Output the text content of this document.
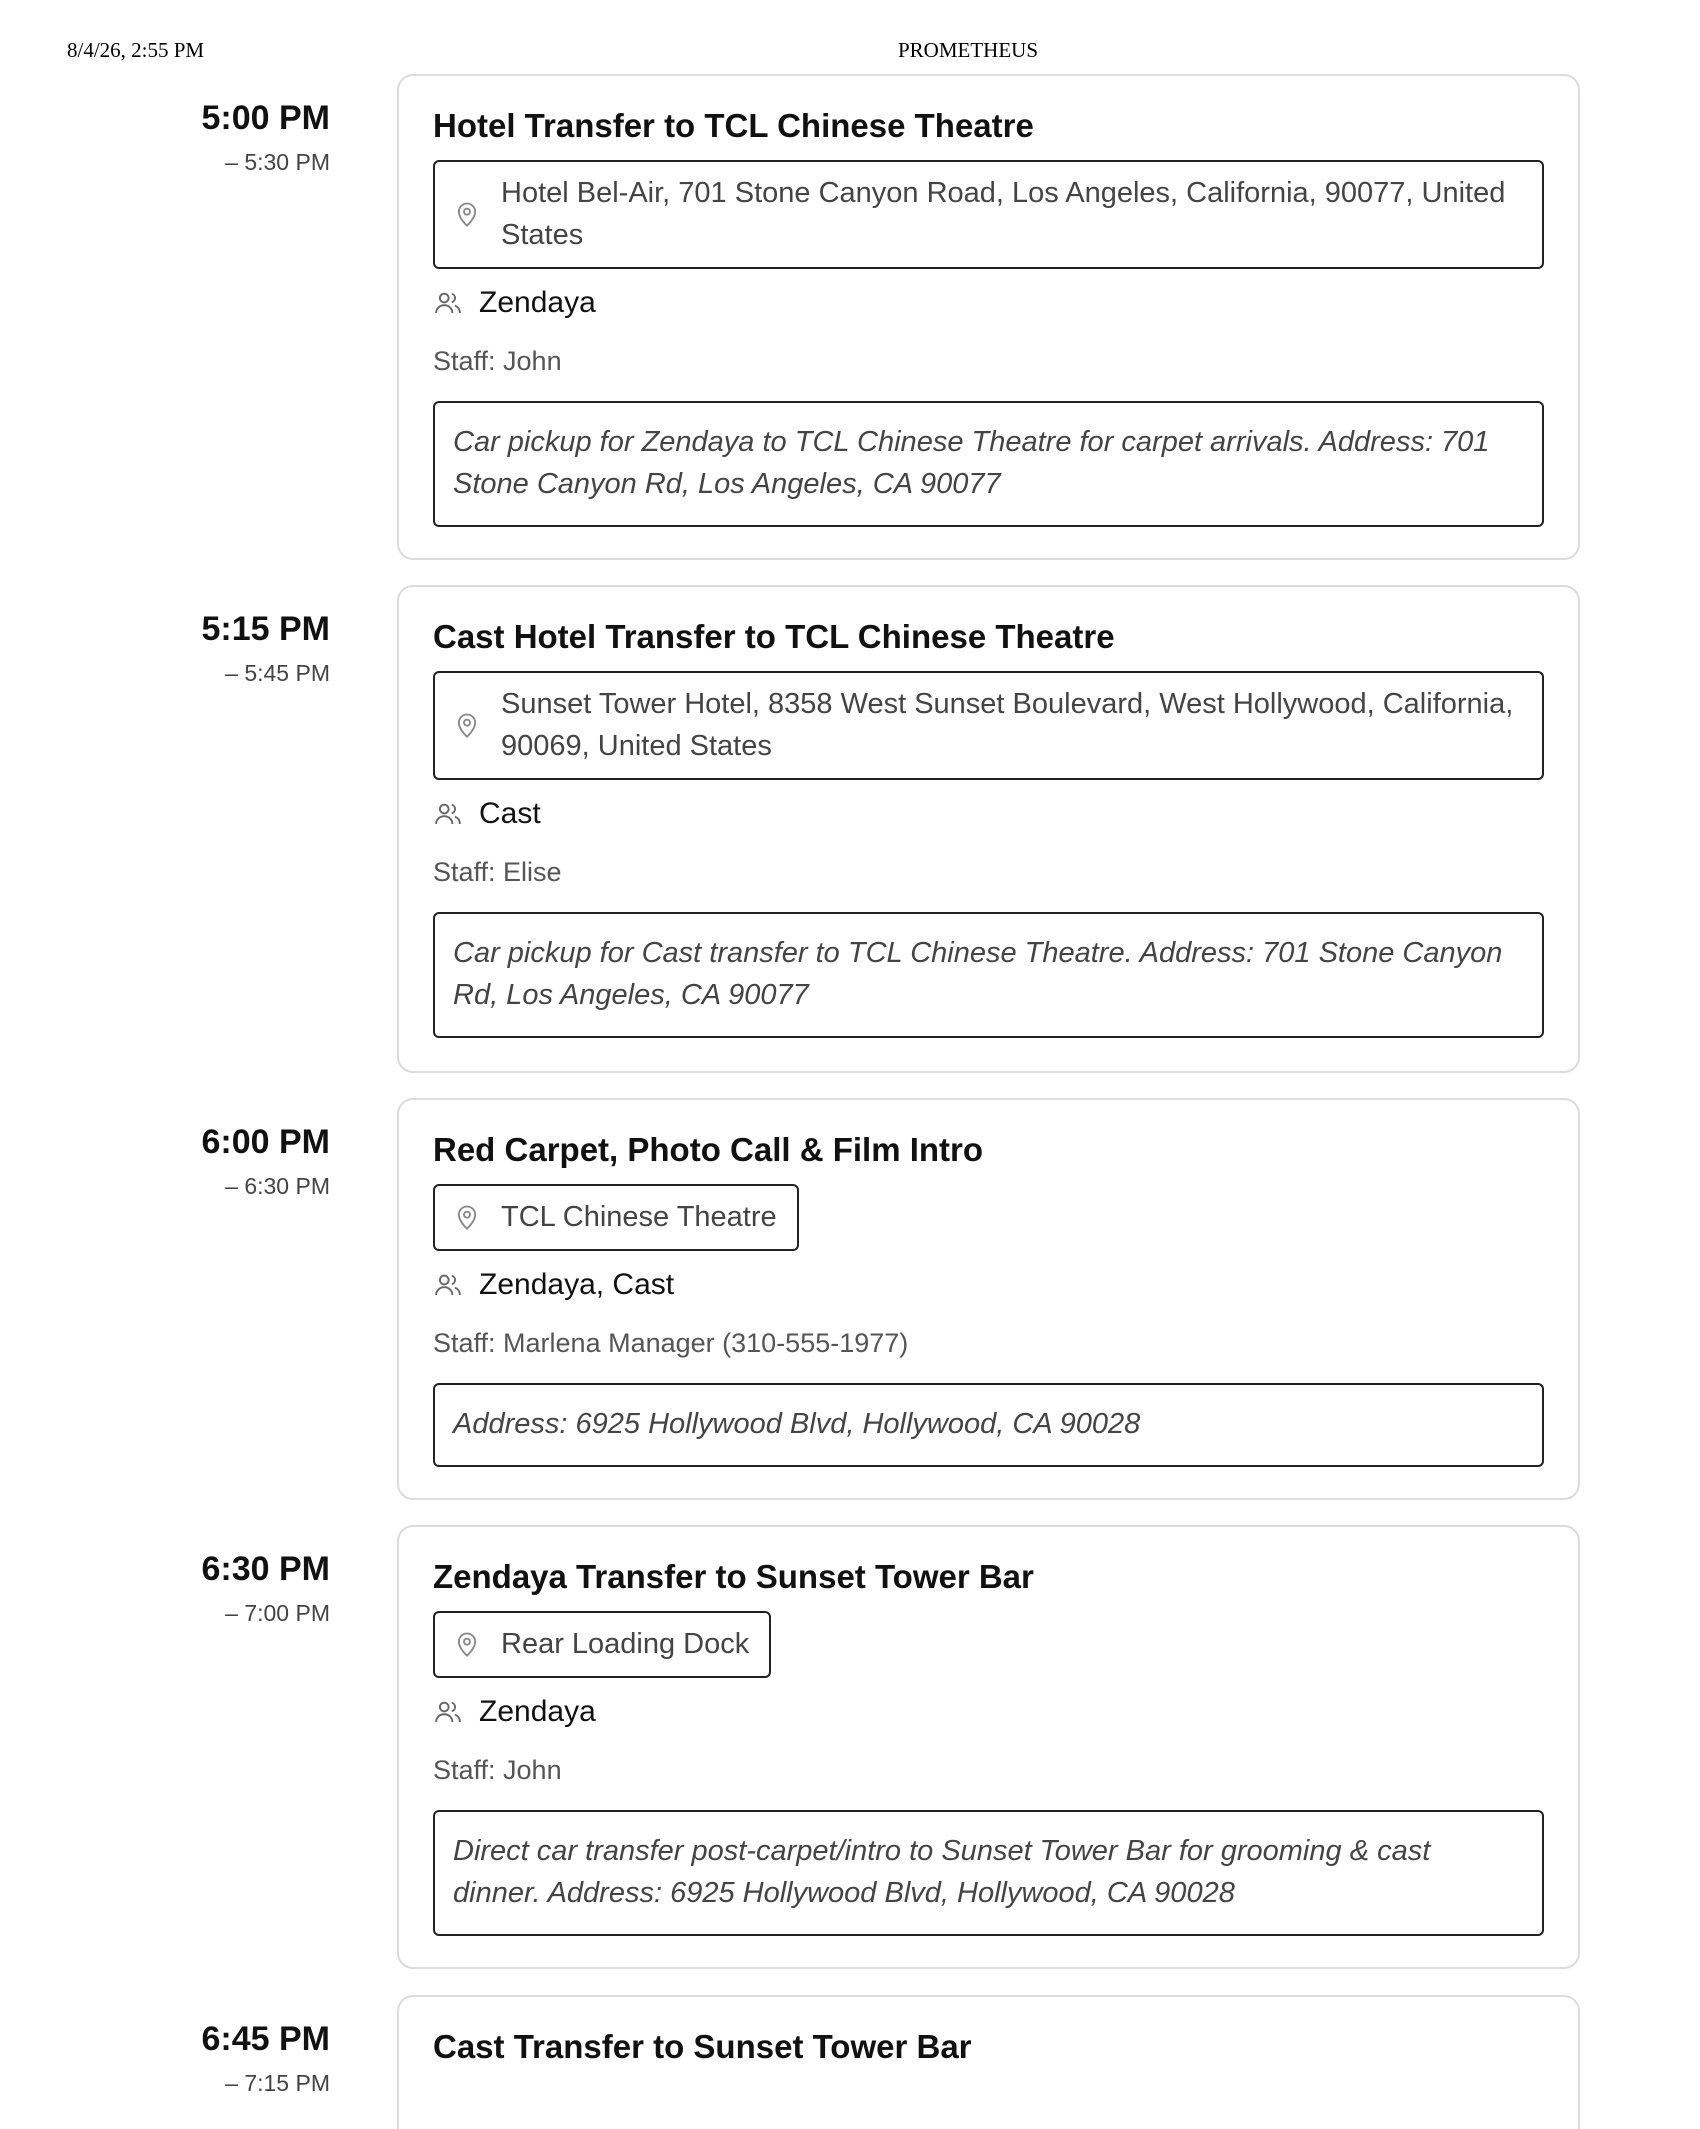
8/4/26, 2:55 PM	PROMETHEUS
5:00 PM
– 5:30 PM
Hotel Transfer to TCL Chinese Theatre
Hotel Bel-Air, 701 Stone Canyon Road, Los Angeles, California, 90077, United States
Zendaya
Staff: John
Car pickup for Zendaya to TCL Chinese Theatre for carpet arrivals. Address: 701 Stone Canyon Rd, Los Angeles, CA 90077
5:15 PM
– 5:45 PM
Cast Hotel Transfer to TCL Chinese Theatre
Sunset Tower Hotel, 8358 West Sunset Boulevard, West Hollywood, California, 90069, United States
Cast
Staff: Elise
Car pickup for Cast transfer to TCL Chinese Theatre. Address: 701 Stone Canyon Rd, Los Angeles, CA 90077
6:00 PM
– 6:30 PM
Red Carpet, Photo Call & Film Intro
TCL Chinese Theatre
Zendaya, Cast
Staff: Marlena Manager (310-555-1977)
Address: 6925 Hollywood Blvd, Hollywood, CA 90028
6:30 PM
– 7:00 PM
Zendaya Transfer to Sunset Tower Bar
Rear Loading Dock
Zendaya
Staff: John
Direct car transfer post-carpet/intro to Sunset Tower Bar for grooming & cast dinner. Address: 6925 Hollywood Blvd, Hollywood, CA 90028
6:45 PM
– 7:15 PM
Cast Transfer to Sunset Tower Bar
